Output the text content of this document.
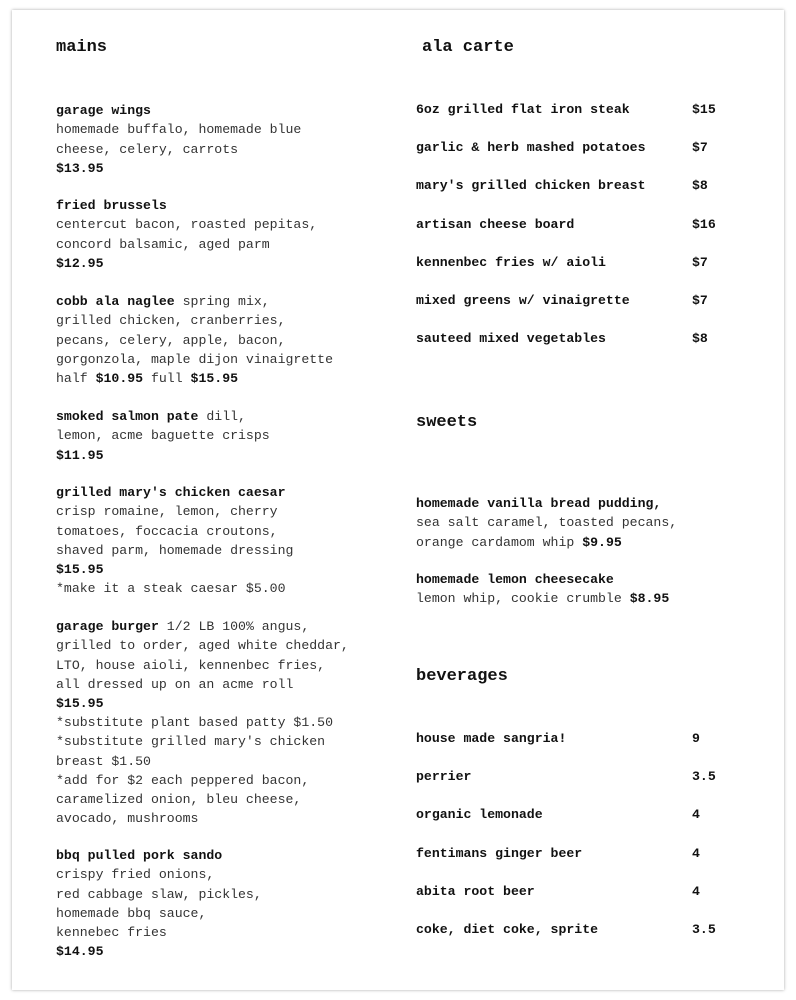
mains

garage wings
homemade buffalo, homemade blue
cheese, celery, carrots
$13.95

fried brussels
centercut bacon, roasted pepitas,
concord balsamic, aged parm
$12.95

cobb ala naglee spring mix,
grilled chicken, cranberries,
pecans, celery, apple, bacon,
gorgonzola, maple dijon vinaigrette
half $10.95 full $15.95

smoked salmon pate dill,
lemon, acme baguette crisps
$11.95

grilled mary's chicken caesar
crisp romaine, lemon, cherry
tomatoes, foccacia croutons,
shaved parm, homemade dressing
$15.95
*make it a steak caesar $5.00

garage burger 1/2 LB 100% angus,
grilled to order, aged white cheddar,
LTO, house aioli, kennenbec fries,
all dressed up on an acme roll
$15.95
*substitute plant based patty $1.50
*substitute grilled mary's chicken
breast $1.50
*add for $2 each peppered bacon,
caramelized onion, bleu cheese,
avocado, mushrooms

bbq pulled pork sando
crispy fried onions,
red cabbage slaw, pickles,
homemade bbq sauce,
kennebec fries
$14.95
ala carte
6oz grilled flat iron steak	$15
garlic & herb mashed potatoes	$7
mary's grilled chicken breast	$8
artisan cheese board	$16
kennenbec fries w/ aioli	$7
mixed greens w/ vinaigrette	$7
sauteed mixed vegetables	$8
sweets

homemade vanilla bread pudding,
sea salt caramel, toasted pecans,
orange cardamom whip $9.95

homemade lemon cheesecake
lemon whip, cookie crumble $8.95
beverages
house made sangria!	9
perrier	3.5
organic lemonade	4
fentimans ginger beer	4
abita root beer	4
coke, diet coke, sprite	3.5
